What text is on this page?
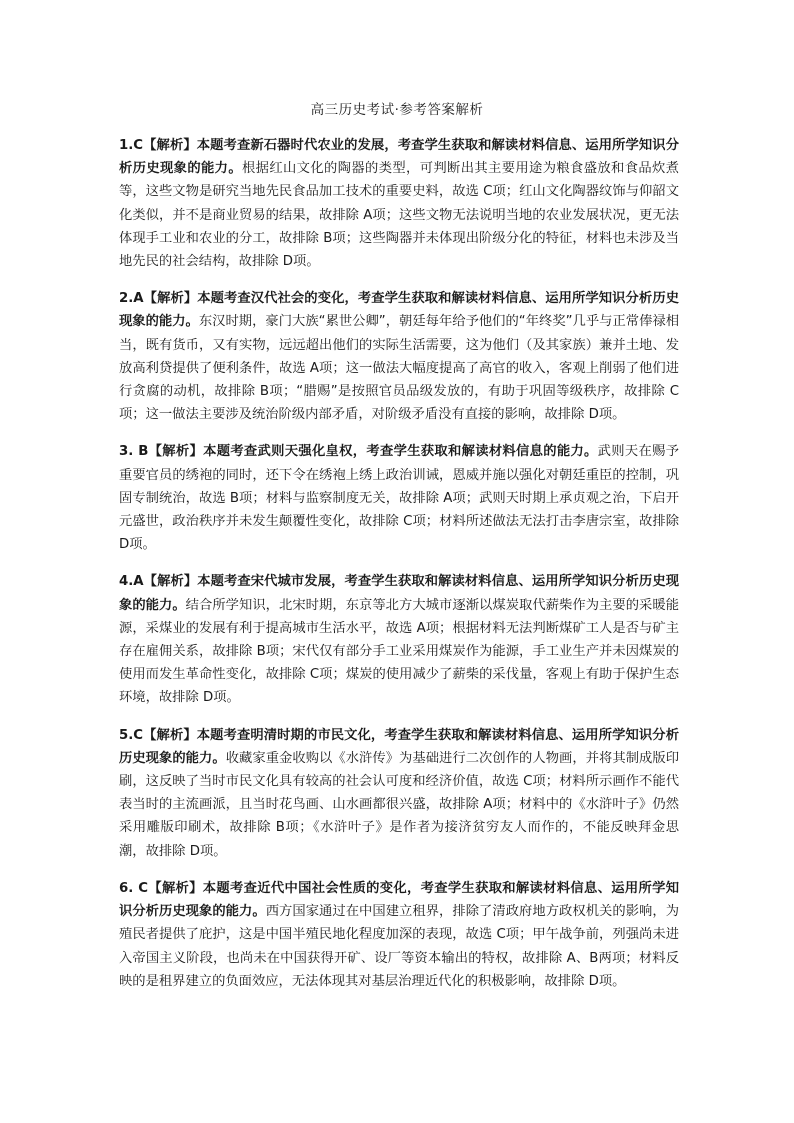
高三历史考试·参考答案解析

1.C【解析】本题考查新石器时代农业的发展，考查学生获取和解读材料信息、运用所学知识分析历史现象的能力。根据红山文化的陶器的类型，可判断出其主要用途为粮食盛放和食品炊煮等，这些文物是研究当地先民食品加工技术的重要史料，故选 C项；红山文化陶器纹饰与仰韶文化类似，并不是商业贸易的结果，故排除 A项；这些文物无法说明当地的农业发展状况，更无法体现手工业和农业的分工，故排除 B项；这些陶器并未体现出阶级分化的特征，材料也未涉及当地先民的社会结构，故排除 D项。

2.A【解析】本题考查汉代社会的变化，考查学生获取和解读材料信息、运用所学知识分析历史现象的能力。东汉时期，豪门大族“累世公卿”，朝廷每年给予他们的“年终奖”几乎与正常俸禄相当，既有货币，又有实物，远远超出他们的实际生活需要，这为他们（及其家族）兼并土地、发放高利贷提供了便利条件，故选 A项；这一做法大幅度提高了高官的收入，客观上削弱了他们进行贪腐的动机，故排除 B项；“腊赐”是按照官员品级发放的，有助于巩固等级秩序，故排除 C项；这一做法主要涉及统治阶级内部矛盾，对阶级矛盾没有直接的影响，故排除 D项。

3. B【解析】本题考查武则天强化皇权，考查学生获取和解读材料信息的能力。武则天在赐予重要官员的绣袍的同时，还下令在绣袍上绣上政治训诫，恩威并施以强化对朝廷重臣的控制，巩固专制统治，故选 B项；材料与监察制度无关，故排除 A项；武则天时期上承贞观之治，下启开元盛世，政治秩序并未发生颠覆性变化，故排除 C项；材料所述做法无法打击李唐宗室，故排除 D项。

4.A【解析】本题考查宋代城市发展，考查学生获取和解读材料信息、运用所学知识分析历史现象的能力。结合所学知识，北宋时期，东京等北方大城市逐渐以煤炭取代薪柴作为主要的采暖能源，采煤业的发展有利于提高城市生活水平，故选 A项；根据材料无法判断煤矿工人是否与矿主存在雇佣关系，故排除 B项；宋代仅有部分手工业采用煤炭作为能源，手工业生产并未因煤炭的使用而发生革命性变化，故排除 C项；煤炭的使用减少了薪柴的采伐量，客观上有助于保护生态环境，故排除 D项。

5.C【解析】本题考查明清时期的市民文化，考查学生获取和解读材料信息、运用所学知识分析历史现象的能力。收藏家重金收购以《水浒传》为基础进行二次创作的人物画，并将其制成版印刷，这反映了当时市民文化具有较高的社会认可度和经济价值，故选 C项；材料所示画作不能代表当时的主流画派，且当时花鸟画、山水画都很兴盛，故排除 A项；材料中的《水浒叶子》仍然采用雕版印刷术，故排除 B项；《水浒叶子》是作者为接济贫穷友人而作的，不能反映拜金思潮，故排除 D项。

6. C【解析】本题考查近代中国社会性质的变化，考查学生获取和解读材料信息、运用所学知识分析历史现象的能力。西方国家通过在中国建立租界，排除了清政府地方政权机关的影响，为殖民者提供了庇护，这是中国半殖民地化程度加深的表现，故选 C项；甲午战争前，列强尚未进入帝国主义阶段，也尚未在中国获得开矿、设厂等资本输出的特权，故排除 A、B两项；材料反映的是租界建立的负面效应，无法体现其对基层治理近代化的积极影响，故排除 D项。
